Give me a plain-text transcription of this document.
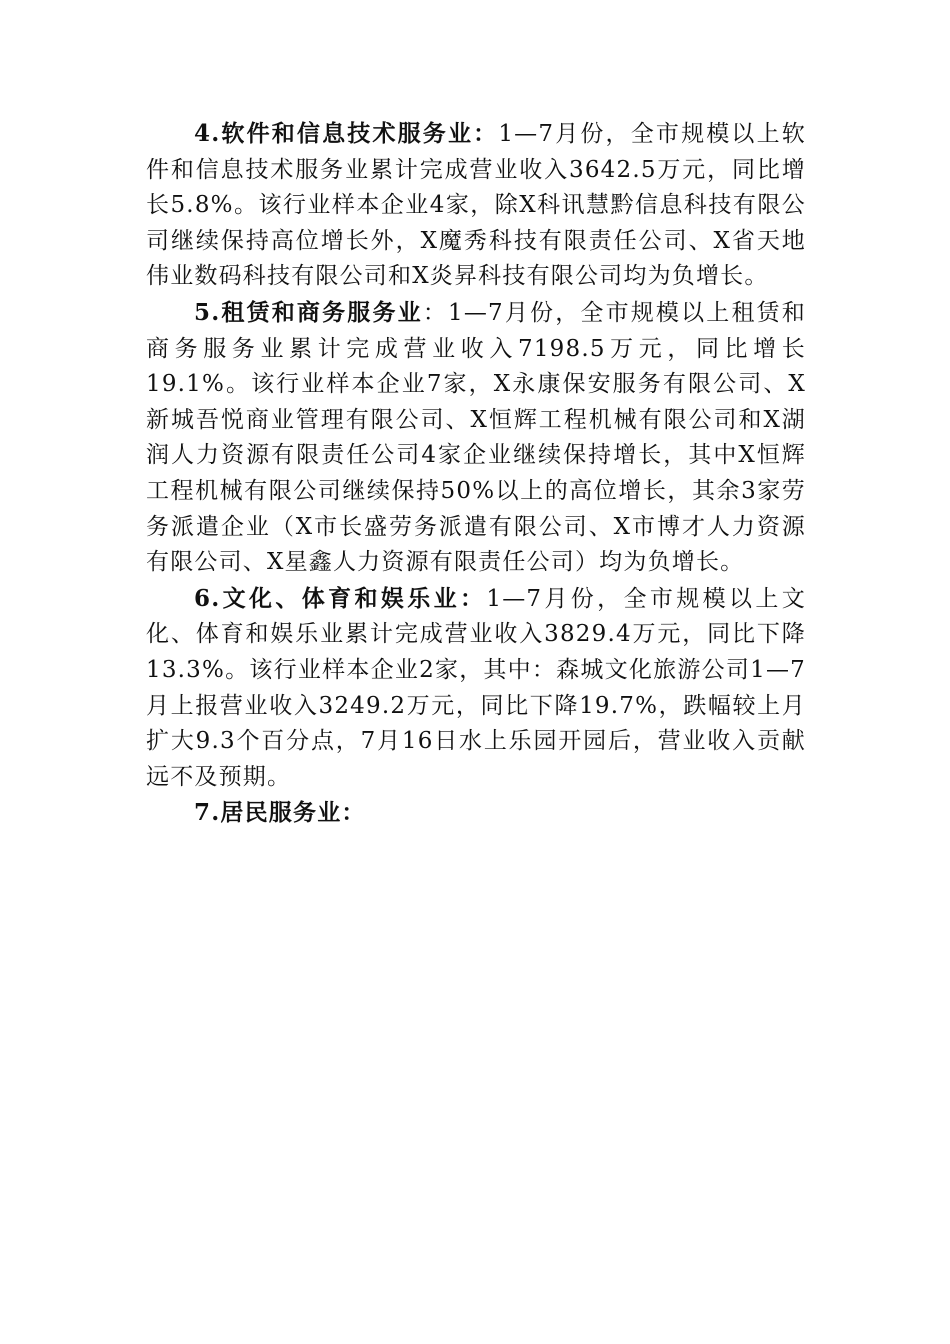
4.软件和信息技术服务业：1—7月份，全市规模以上软件和信息技术服务业累计完成营业收入3642.5万元，同比增长5.8%。该行业样本企业4家，除X科讯慧黔信息科技有限公司继续保持高位增长外，X魔秀科技有限责任公司、X省天地伟业数码科技有限公司和X炎昇科技有限公司均为负增长。

5.租赁和商务服务业：1—7月份，全市规模以上租赁和商务服务业累计完成营业收入7198.5万元，同比增长19.1%。该行业样本企业7家，X永康保安服务有限公司、X新城吾悦商业管理有限公司、X恒辉工程机械有限公司和X湖润人力资源有限责任公司4家企业继续保持增长，其中X恒辉工程机械有限公司继续保持50%以上的高位增长，其余3家劳务派遣企业（X市长盛劳务派遣有限公司、X市博才人力资源有限公司、X星鑫人力资源有限责任公司）均为负增长。

6.文化、体育和娱乐业：1—7月份，全市规模以上文化、体育和娱乐业累计完成营业收入3829.4万元，同比下降13.3%。该行业样本企业2家，其中：森城文化旅游公司1—7月上报营业收入3249.2万元，同比下降19.7%，跌幅较上月扩大9.3个百分点，7月16日水上乐园开园后，营业收入贡献远不及预期。

7.居民服务业：
